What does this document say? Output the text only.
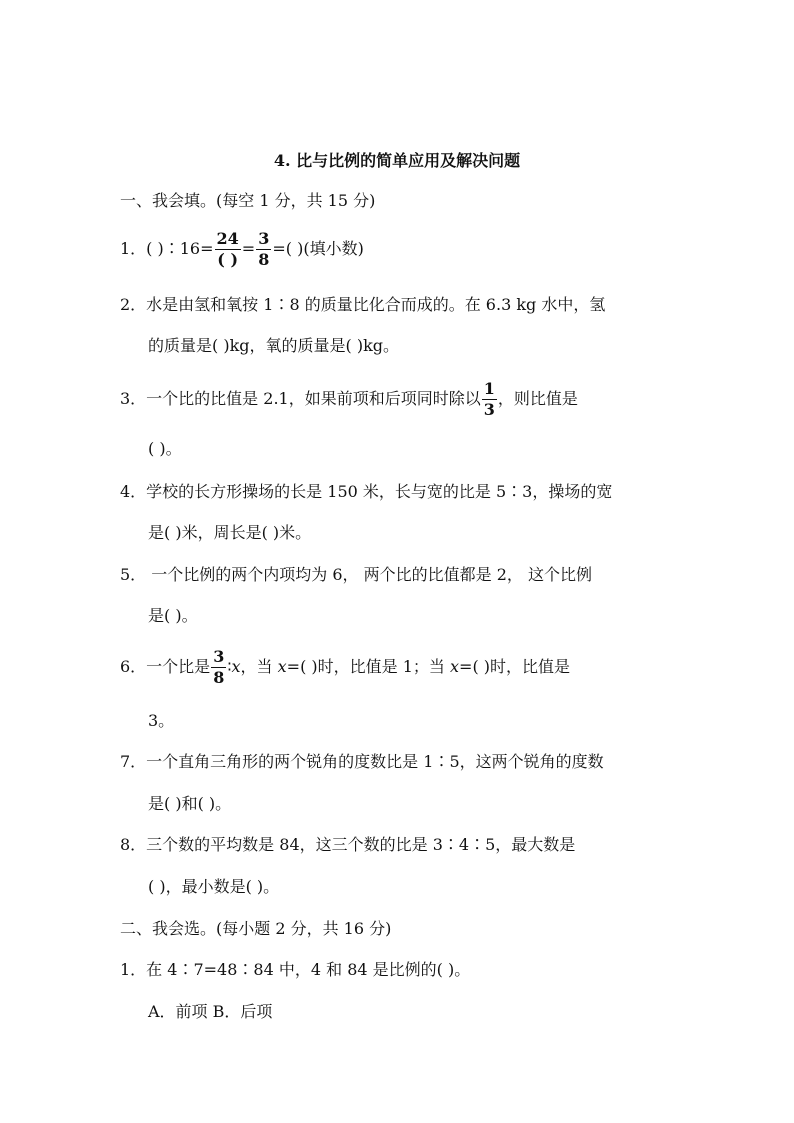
4. 比与比例的简单应用及解决问题
一、我会填。(每空 1 分，共 15 分)
1．( )∶16= $\frac{24}{( )} = \frac{3}{8}$ =( )(填小数)
2．水是由氢和氧按 1∶8 的质量比化合而成的。在 6.3 kg 水中，氢
的质量是( )kg，氧的质量是( )kg。
3．一个比的比值是 2.1，如果前项和后项同时除以 $\frac{1}{3}$ ，则比值是
( )。
4．学校的长方形操场的长是 150 米，长与宽的比是 5∶3，操场的宽
是( )米，周长是( )米。
5． 一个比例的两个内项均为 6， 两个比的比值都是 2， 这个比例
是( )。
6．一个比是 $\frac{3}{8}$ ∶x，当 x=( )时，比值是 1；当 x=( )时，比值是
3。
7．一个直角三角形的两个锐角的度数比是 1∶5，这两个锐角的度数
是( )和( )。
8．三个数的平均数是 84，这三个数的比是 3∶4∶5，最大数是
( )，最小数是( )。
二、我会选。(每小题 2 分，共 16 分)
1．在 4∶7=48∶84 中，4 和 84 是比例的( )。
A．前项 B．后项
